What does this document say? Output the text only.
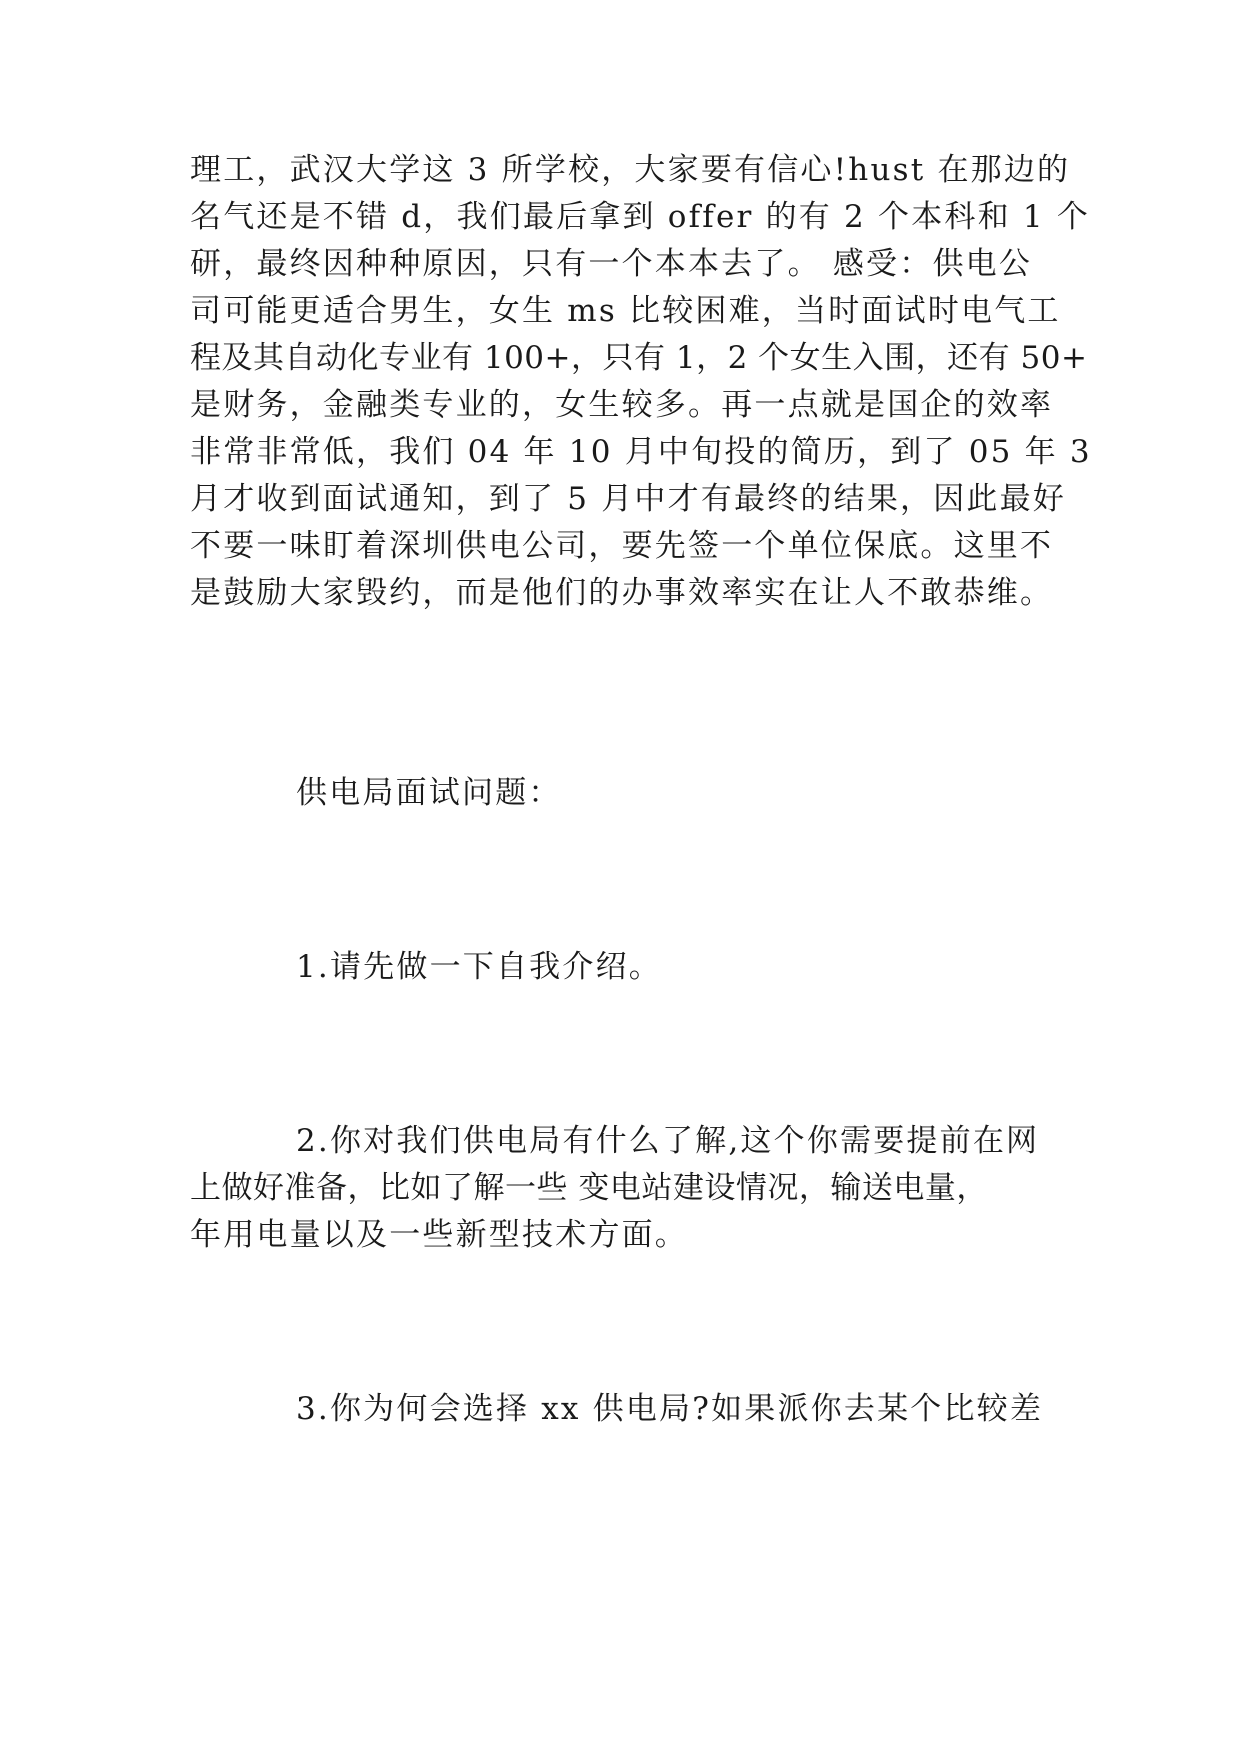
理工，武汉大学这 3 所学校，大家要有信心!hust 在那边的
名气还是不错 d，我们最后拿到 offer 的有 2 个本科和 1 个
研，最终因种种原因，只有一个本本去了。 感受：供电公
司可能更适合男生，女生 ms 比较困难，当时面试时电气工
程及其自动化专业有 100+，只有 1，2 个女生入围，还有 50+
是财务，金融类专业的，女生较多。再一点就是国企的效率
非常非常低，我们 04 年 10 月中旬投的简历，到了 05 年 3
月才收到面试通知，到了 5 月中才有最终的结果，因此最好
不要一味盯着深圳供电公司，要先签一个单位保底。这里不
是鼓励大家毁约，而是他们的办事效率实在让人不敢恭维。
供电局面试问题：
1.请先做一下自我介绍。
2.你对我们供电局有什么了解,这个你需要提前在网
上做好准备，比如了解一些 变电站建设情况，输送电量，
年用电量以及一些新型技术方面。
3.你为何会选择 xx 供电局?如果派你去某个比较差
